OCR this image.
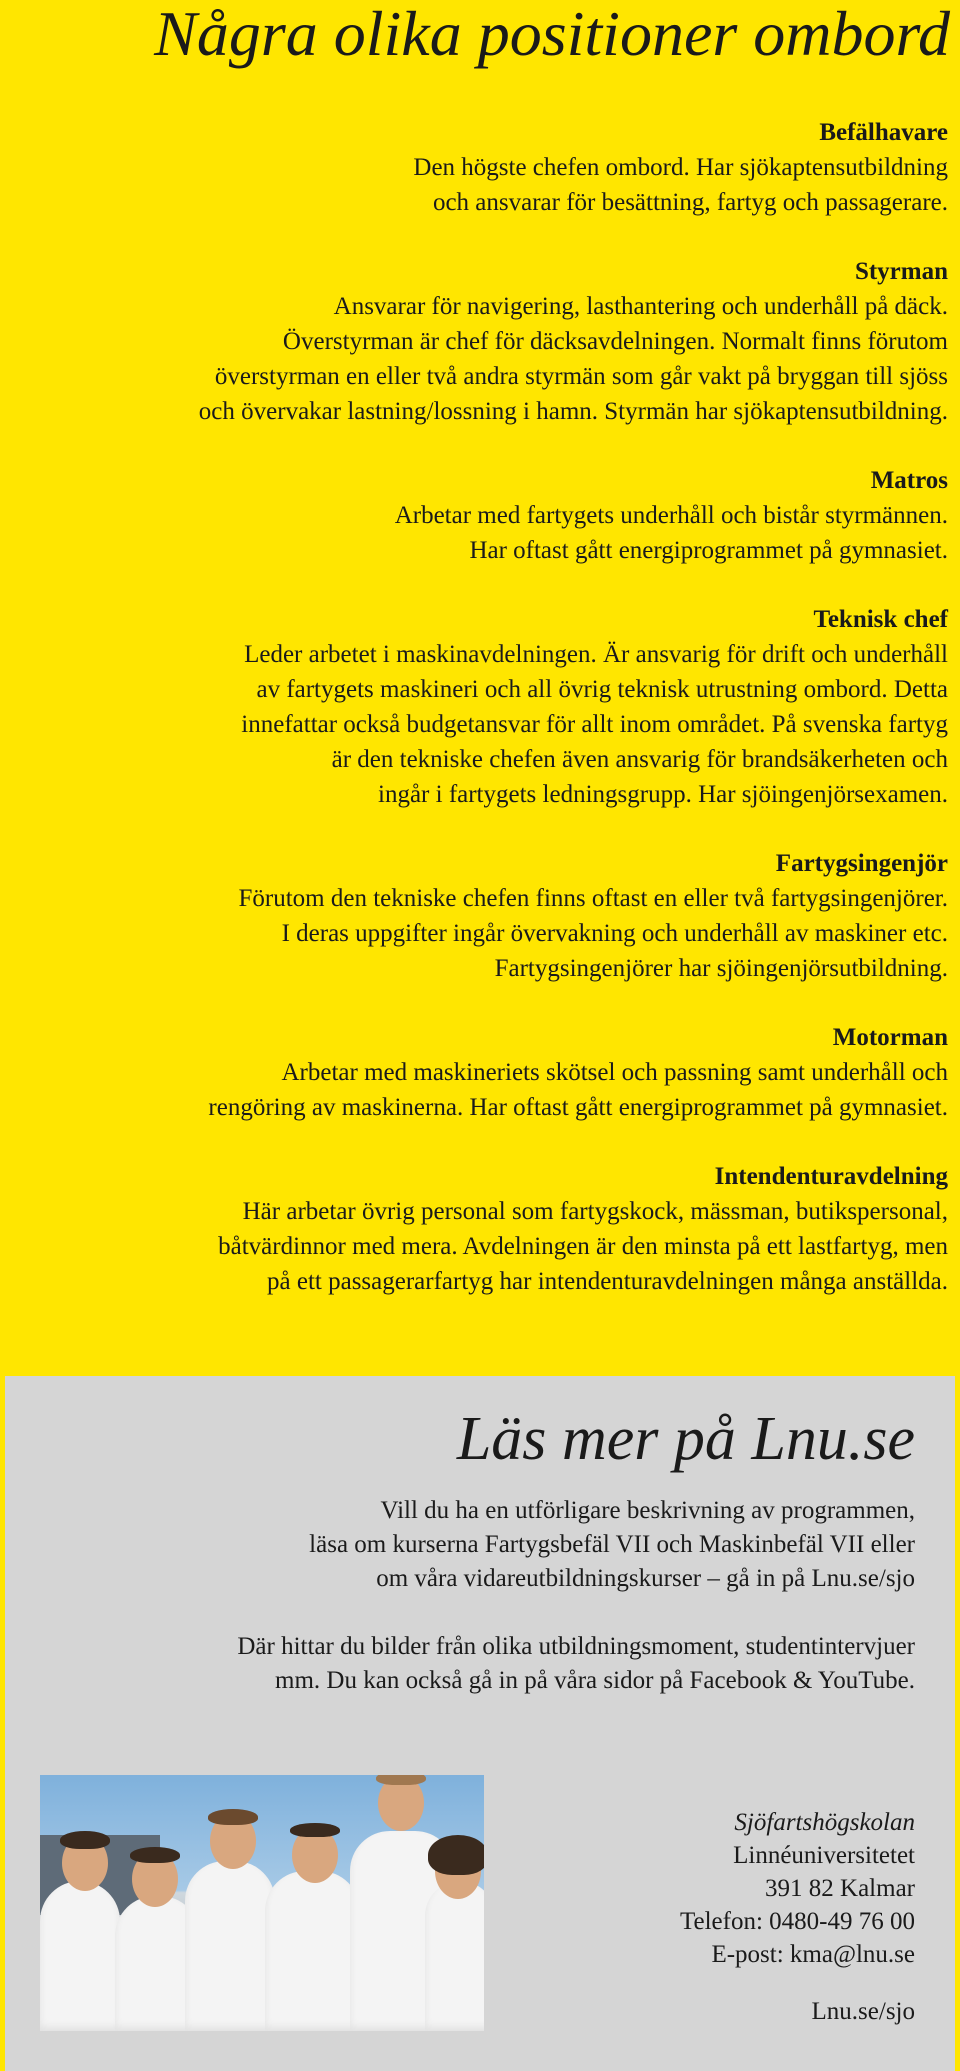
Några olika positioner ombord
Befälhavare

Den högste chefen ombord. Har sjökaptensutbildning
och ansvarar för besättning, fartyg och passagerare.

Styrman

Ansvarar för navigering, lasthantering och underhåll på däck.
Överstyrman är chef för däcksavdelningen. Normalt finns förutom
överstyrman en eller två andra styrmän som går vakt på bryggan till sjöss
och övervakar lastning/lossning i hamn. Styrmän har sjökaptensutbildning.

Matros

Arbetar med fartygets underhåll och bistår styrmännen.
Har oftast gått energiprogrammet på gymnasiet.

Teknisk chef

Leder arbetet i maskinavdelningen. Är ansvarig för drift och underhåll
av fartygets maskineri och all övrig teknisk utrustning ombord. Detta
innefattar också budgetansvar för allt inom området. På svenska fartyg
är den tekniske chefen även ansvarig för brandsäkerheten och
ingår i fartygets ledningsgrupp. Har sjöingenjörsexamen.

Fartygsingenjör

Förutom den tekniske chefen finns oftast en eller två fartygsingenjörer.
I deras uppgifter ingår övervakning och underhåll av maskiner etc.
Fartygsingenjörer har sjöingenjörsutbildning.

Motorman

Arbetar med maskineriets skötsel och passning samt underhåll och
rengöring av maskinerna. Har oftast gått energiprogrammet på gymnasiet.

Intendenturavdelning

Här arbetar övrig personal som fartygskock, mässman, butikspersonal,
båtvärdinnor med mera. Avdelningen är den minsta på ett lastfartyg, men
på ett passagerarfartyg har intendenturavdelningen många anställda.

Läs mer på Lnu.se

Vill du ha en utförligare beskrivning av programmen,
läsa om kurserna Fartygsbefäl VII och Maskinbefäl VII eller
om våra vidareutbildningskurser – gå in på Lnu.se/sjo

Där hittar du bilder från olika utbildningsmoment, studentintervjuer
mm. Du kan också gå in på våra sidor på Facebook & YouTube.

Sjöfartshögskolan
Linnéuniversitetet
391 82 Kalmar
Telefon: 0480-49 76 00
E-post: kma@lnu.se
Lnu.se/sjo
